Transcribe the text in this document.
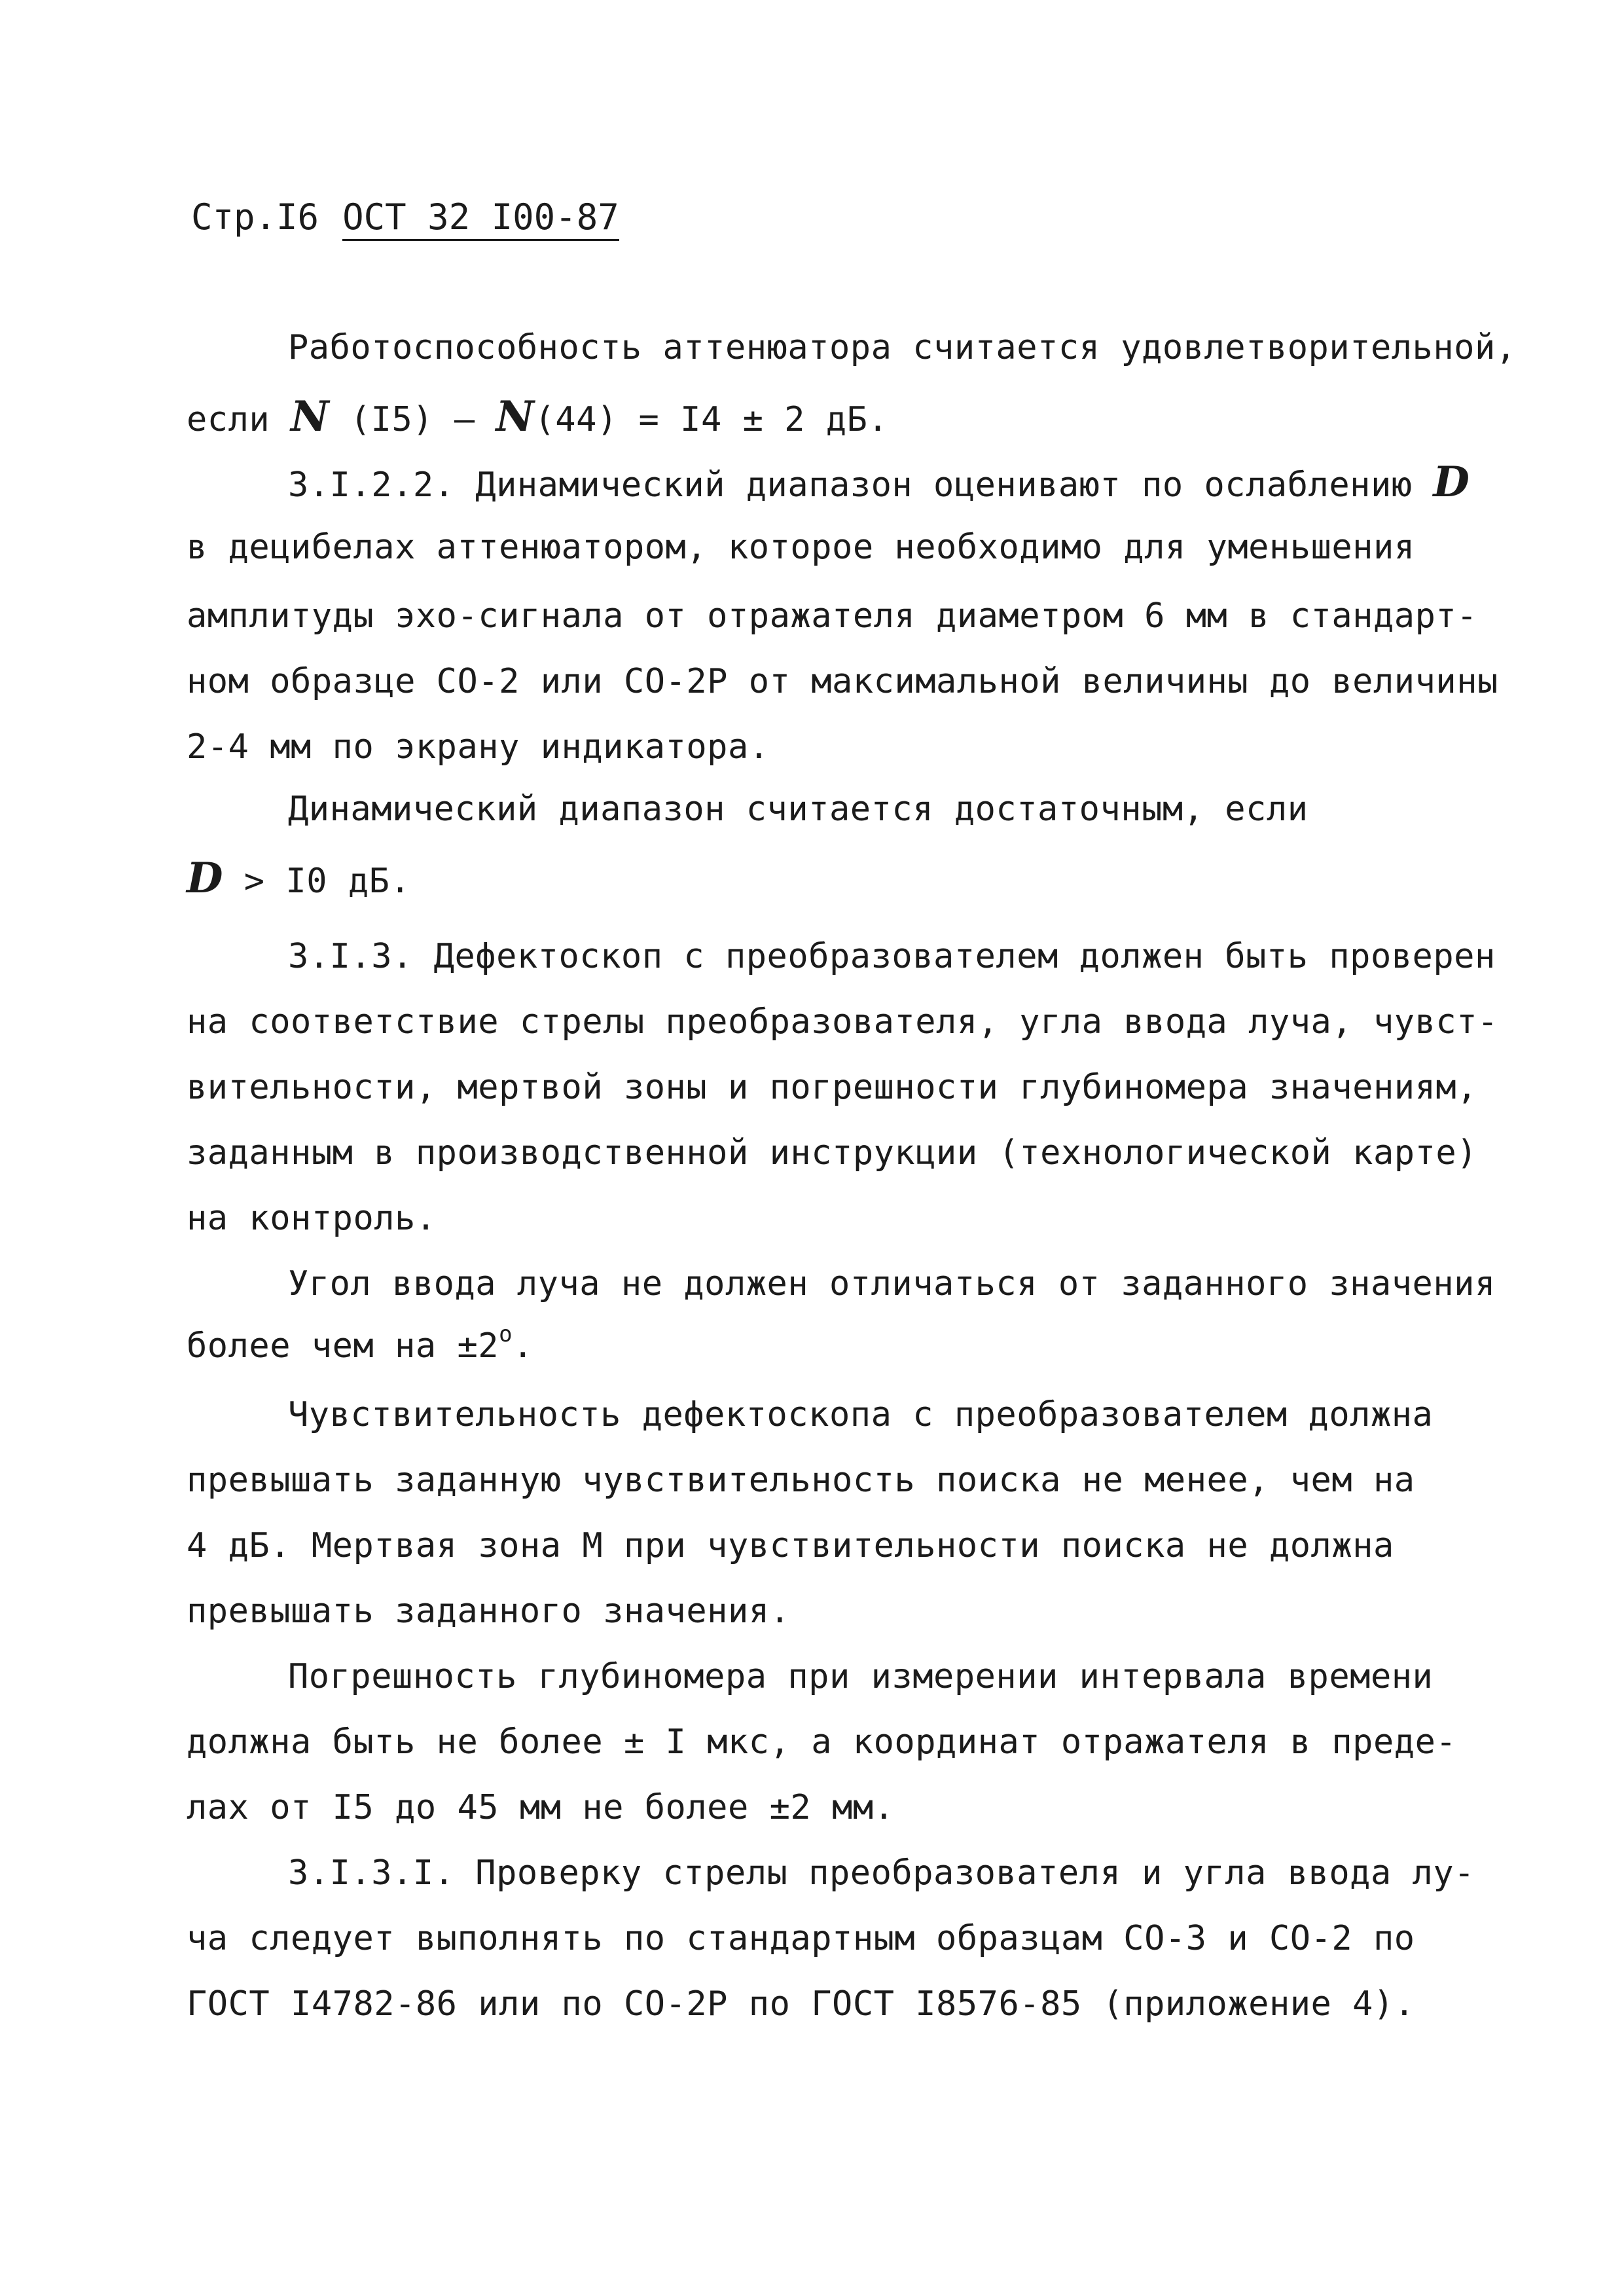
Стр.I6 ОСТ 32 I00-87
Работоспособность аттенюатора считается удовлетворительной,
если N (I5) – N(44) = I4 ± 2 дБ.
3.I.2.2. Динамический диапазон оценивают по ослаблению D
в децибелах аттенюатором, которое необходимо для уменьшения
амплитуды эхо-сигнала от отражателя диаметром 6 мм в стандарт-
ном образце СО-2 или СО-2Р от максимальной величины до величины
2-4 мм по экрану индикатора.
Динамический диапазон считается достаточным, если
D > I0 дБ.
3.I.3. Дефектоскоп с преобразователем должен быть проверен
на соответствие стрелы преобразователя, угла ввода луча, чувст-
вительности, мертвой зоны и погрешности глубиномера значениям,
заданным в производственной инструкции (технологической карте)
на контроль.
Угол ввода луча не должен отличаться от заданного значения
более чем на $\pm 2^о$.
Чувствительность дефектоскопа с преобразователем должна
превышать заданную чувствительность поиска не менее, чем на
4 дБ. Мертвая зона М при чувствительности поиска не должна
превышать заданного значения.
Погрешность глубиномера при измерении интервала времени
должна быть не более ± I мкс, а координат отражателя в преде-
лах от I5 до 45 мм не более ±2 мм.
3.I.3.I. Проверку стрелы преобразователя и угла ввода лу-
ча следует выполнять по стандартным образцам СО-3 и СО-2 по
ГОСТ I4782-86 или по СО-2Р по ГОСТ I8576-85 (приложение 4).
